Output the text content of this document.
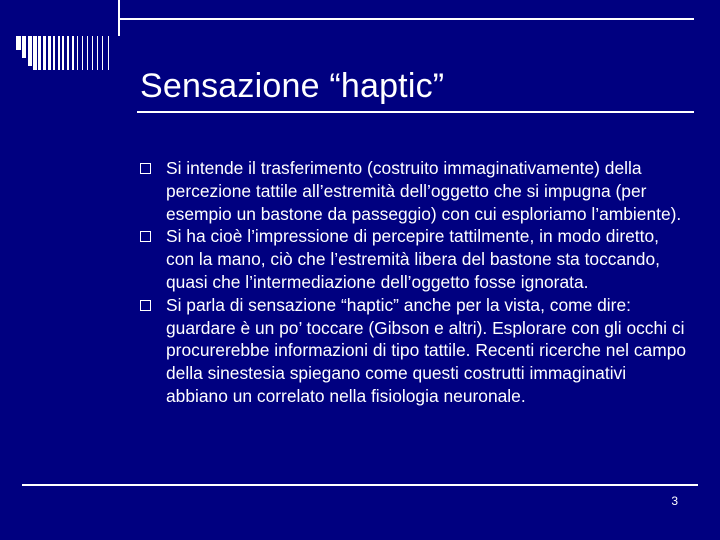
Sensazione “haptic”
Si intende il trasferimento (costruito immaginativamente) della percezione tattile all’estremità dell’oggetto che si impugna (per esempio un bastone da passeggio) con cui esploriamo l’ambiente).
Si ha cioè l’impressione di percepire tattilmente, in modo diretto, con la mano, ciò che l’estremità libera del bastone sta toccando, quasi che l’intermediazione dell’oggetto fosse ignorata.
Si parla di sensazione “haptic” anche per la vista, come dire: guardare è un po’ toccare (Gibson e altri). Esplorare con gli occhi ci procurerebbe informazioni di tipo tattile. Recenti ricerche nel campo della sinestesia spiegano come questi costrutti immaginativi abbiano un correlato nella fisiologia neuronale.
3
